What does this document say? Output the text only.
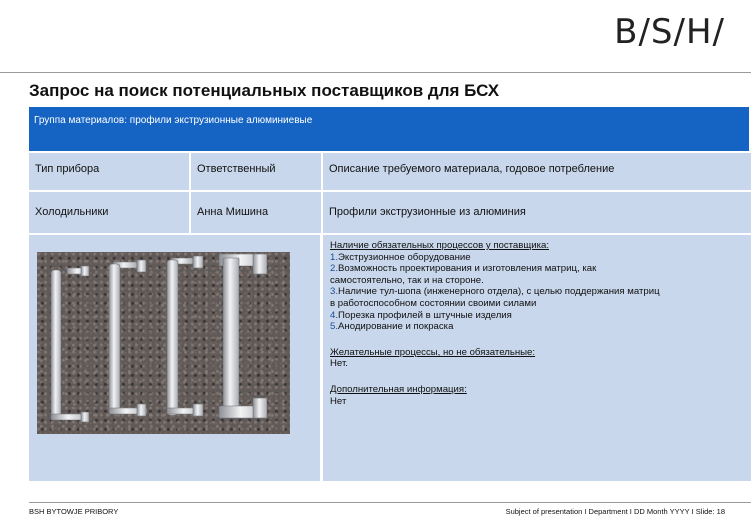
B/S/H/
Запрос на поиск потенциальных поставщиков для БСХ
Группа материалов: профили экструзионные алюминиевые
Тип прибора	Ответственный	Описание требуемого материала, годовое потребление
Холодильники	Анна Мишина	Профили экструзионные из алюминия

Наличие обязательных процессов у поставщика:

1.Экструзионное оборудование

2.Возможность проектирования и изготовления матриц, как

самостоятельно, так и на стороне.

3.Наличие тул-шопа (инженерного отдела), с целью поддержания матриц

в работоспособном состоянии своими силами

4.Порезка профилей в штучные изделия

5.Анодирование и покраска

Желательные процессы, но не обязательные:

Нет.

Дополнительная информация:

Нет

BSH BYTOWJE PRIBORY	Subject of presentation I Department I DD Month YYYY I Slide: 18
